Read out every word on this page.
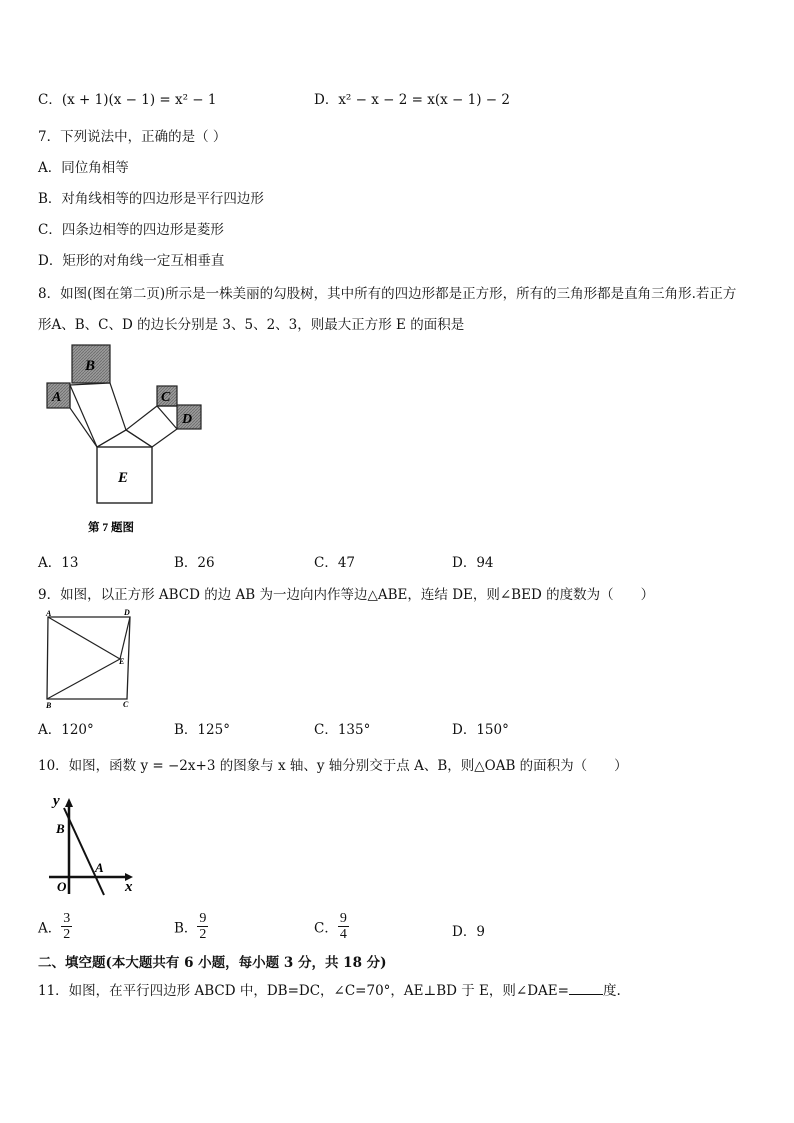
C．(x + 1)(x − 1) = x² − 1	D．x² − x − 2 = x(x − 1) − 2
7．下列说法中，正确的是（ ）
A．同位角相等
B．对角线相等的四边形是平行四边形
C．四条边相等的四边形是菱形
D．矩形的对角线一定互相垂直
8．如图(图在第二页)所示是一株美丽的勾股树，其中所有的四边形都是正方形，所有的三角形都是直角三角形.若正方
形A、B、C、D 的边长分别是 3、5、2、3，则最大正方形 E 的面积是
B
A	C
D
E
第 7 题图
A．13	B．26	C．47	D．94
9．如图，以正方形 ABCD 的边 AB 为一边向内作等边△ABE，连结 DE，则∠BED 的度数为（　　）
A	D
E
B	C
A．120°	B．125°	C．135°	D．150°
10．如图，函数 y = −2x+3 的图象与 x 轴、y 轴分别交于点 A、B，则△OAB 的面积为（　　）
y
B
A
O	x
A． $\frac{3}{2}$	B． $\frac{9}{2}$	C． $\frac{9}{4}$	D．9
二、填空题(本大题共有 6 小题，每小题 3 分，共 18 分)
11．如图，在平行四边形 ABCD 中，DB=DC，∠C=70°，AE⊥BD 于 E，则∠DAE=	度.
